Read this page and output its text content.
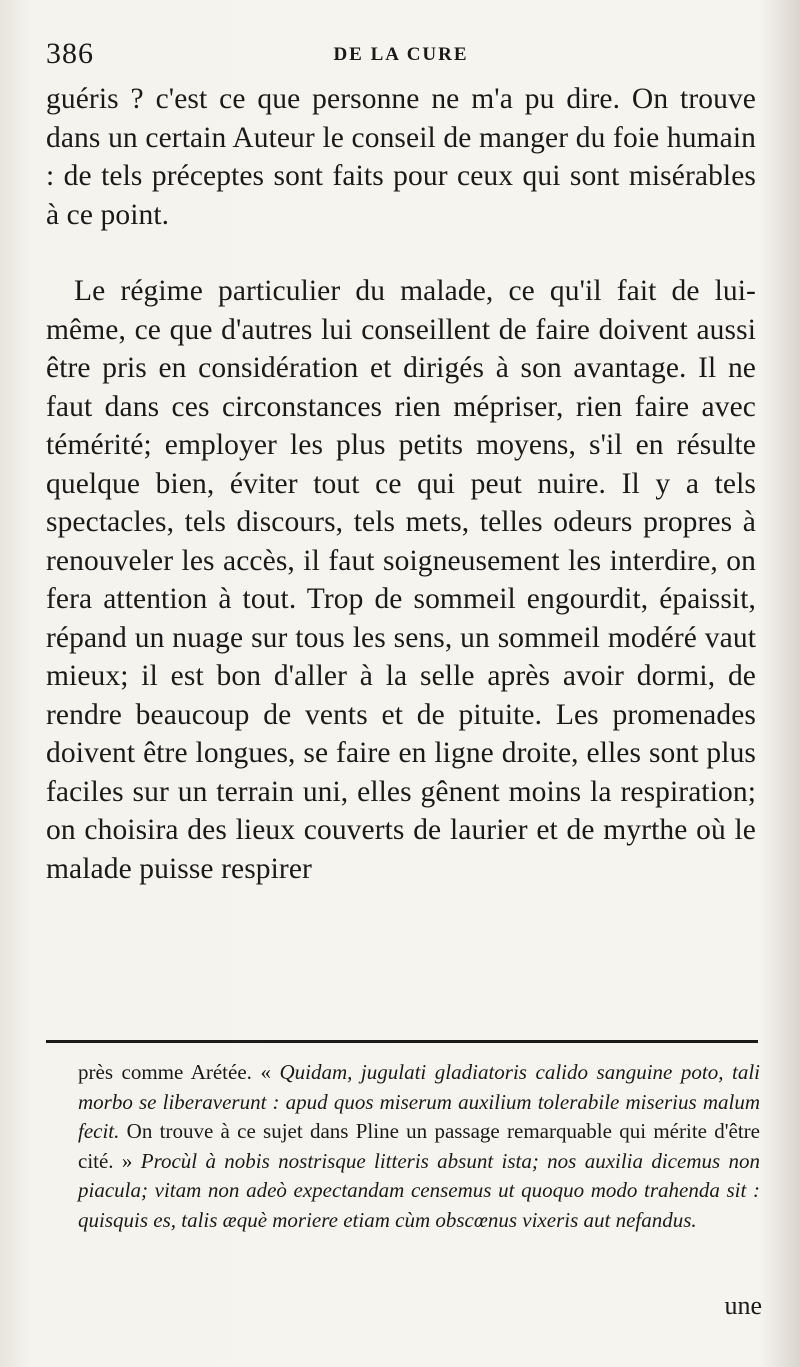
386	DE LA CURE

guéris ? c'est ce que personne ne m'a pu dire. On trouve dans un certain Auteur le conseil de manger du foie humain : de tels préceptes sont faits pour ceux qui sont misérables à ce point.

Le régime particulier du malade, ce qu'il fait de lui-même, ce que d'autres lui conseillent de faire doivent aussi être pris en considération et dirigés à son avantage. Il ne faut dans ces circonstances rien mépriser, rien faire avec témérité; employer les plus petits moyens, s'il en résulte quelque bien, éviter tout ce qui peut nuire. Il y a tels spectacles, tels discours, tels mets, telles odeurs propres à renouveler les accès, il faut soigneusement les interdire, on fera attention à tout. Trop de sommeil engourdit, épaissit, répand un nuage sur tous les sens, un sommeil modéré vaut mieux; il est bon d'aller à la selle après avoir dormi, de rendre beaucoup de vents et de pituite. Les promenades doivent être longues, se faire en ligne droite, elles sont plus faciles sur un terrain uni, elles gênent moins la respiration; on choisira des lieux couverts de laurier et de myrthe où le malade puisse respirer

près comme Arétée. « Quidam, jugulati gladiatoris calido sanguine poto, tali morbo se liberaverunt : apud quos miserum auxilium tolerabile miserius malum fecit. On trouve à ce sujet dans Pline un passage remarquable qui mérite d'être cité. » Procùl à nobis nostrisque litteris absunt ista; nos auxilia dicemus non piacula; vitam non adeò expectandam censemus ut quoquo modo trahenda sit : quisquis es, talis æquè moriere etiam cùm obscœnus vixeris aut nefandus.

une
